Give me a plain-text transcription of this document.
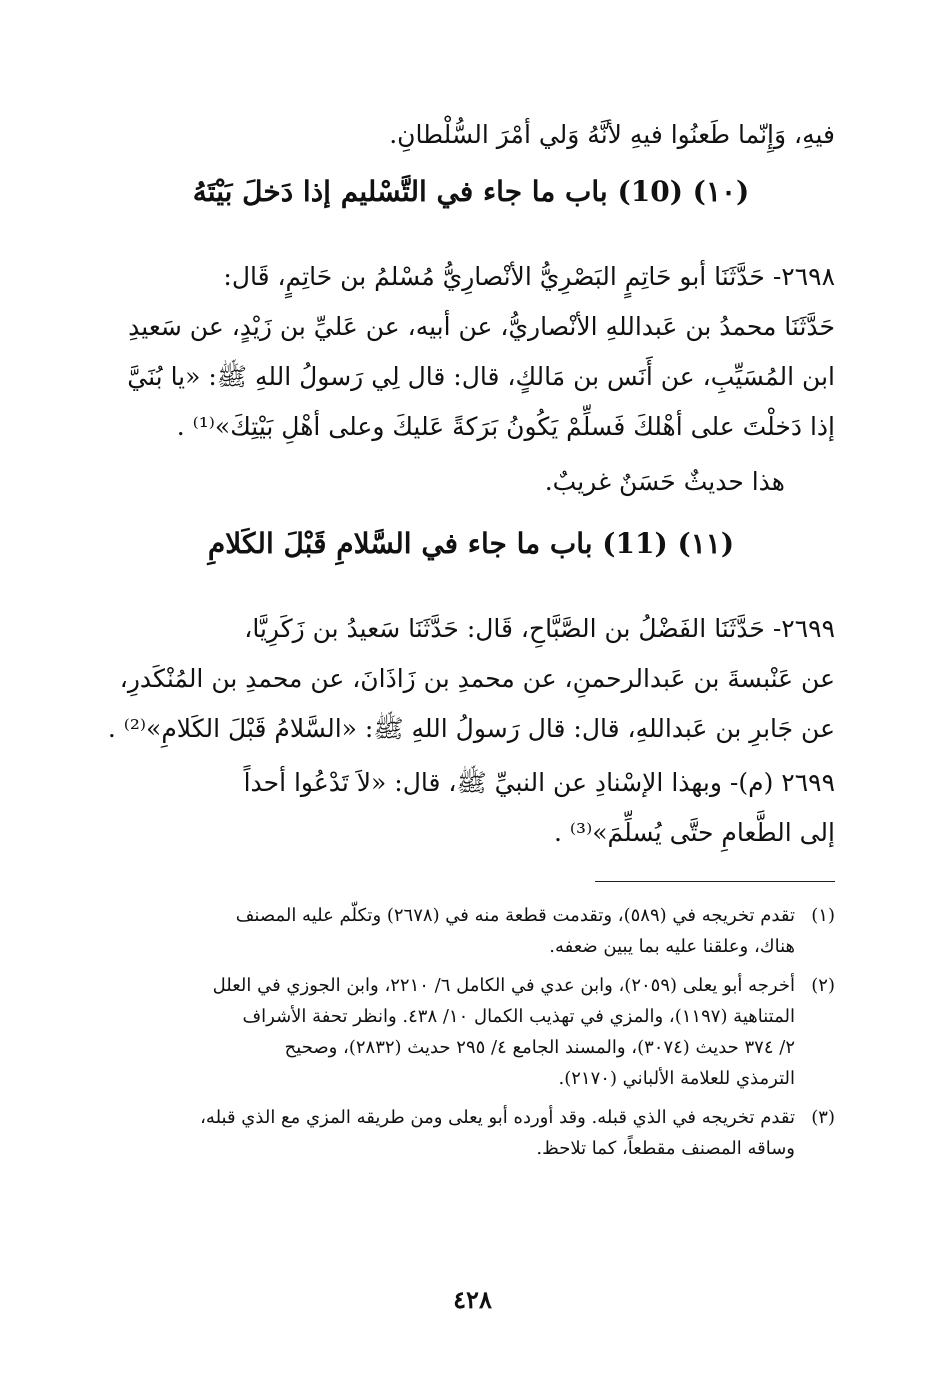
فيهِ، وَإِنّما طَعنُوا فيهِ لأنَّهُ وَلي أمْرَ السُّلْطانِ.
(١٠) (10) باب ما جاء في التَّسْليم إذا دَخلَ بَيْتَهُ
٢٦٩٨- حَدَّثَنَا أبو حَاتِمٍ البَصْرِيُّ الأنْصارِيُّ مُسْلمُ بن حَاتِمٍ، قَال:
حَدَّثَنَا محمدُ بن عَبداللهِ الأنْصاريُّ، عن أبيه، عن عَليِّ بن زَيْدٍ، عن سَعيدِ
ابن المُسَيِّبِ، عن أَنَس بن مَالكٍ، قال: قال لِي رَسولُ اللهِ ﷺ: «يا بُنَيَّ
إذا دَخلْتَ على أهْلكَ فَسلِّمْ يَكُونُ بَرَكةً عَليكَ وعلى أهْلِ بَيْتِكَ»⁽¹⁾ .
هذا حديثٌ حَسَنٌ غريبٌ.
(١١) (11) باب ما جاء في السَّلامِ قَبْلَ الكَلامِ
٢٦٩٩- حَدَّثَنَا الفَضْلُ بن الصَّبَّاحِ، قَال: حَدَّثَنَا سَعيدُ بن زَكَرِيَّا،
عن عَنْبسةَ بن عَبدالرحمنِ، عن محمدِ بن زَاذَانَ، عن محمدِ بن المُنْكَدرِ،
عن جَابرِ بن عَبداللهِ، قال: قال رَسولُ اللهِ ﷺ: «السَّلامُ قَبْلَ الكَلامِ»⁽²⁾ .
٢٦٩٩ (م)- وبهذا الإسْنادِ عن النبيِّ ﷺ، قال: «لاَ تَدْعُوا أحداً
إلى الطَّعامِ حتَّى يُسلِّمَ»⁽³⁾ .
(١)
تقدم تخريجه في (٥٨٩)، وتقدمت قطعة منه في (٢٦٧٨) وتكلّم عليه المصنف
هناك، وعلقنا عليه بما يبين ضعفه.
(٢)
أخرجه أبو يعلى (٢٠٥٩)، وابن عدي في الكامل ٦/ ٢٢١٠، وابن الجوزي في العلل
المتناهية (١١٩٧)، والمزي في تهذيب الكمال ١٠/ ٤٣٨. وانظر تحفة الأشراف
٢/ ٣٧٤ حديث (٣٠٧٤)، والمسند الجامع ٤/ ٢٩٥ حديث (٢٨٣٢)، وصحيح
الترمذي للعلامة الألباني (٢١٧٠).
(٣)
تقدم تخريجه في الذي قبله. وقد أورده أبو يعلى ومن طريقه المزي مع الذي قبله،
وساقه المصنف مقطعاً، كما تلاحظ.
٤٢٨
